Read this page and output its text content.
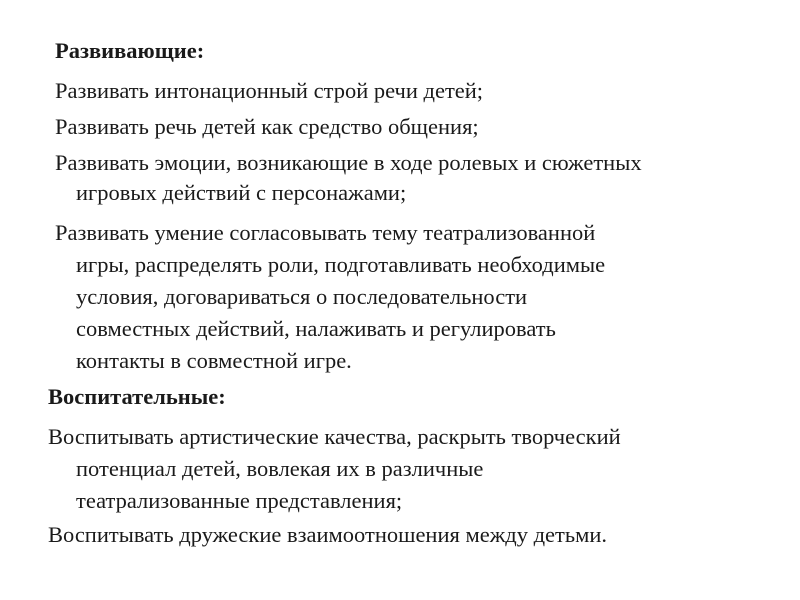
Развивающие:
Развивать интонационный строй речи детей;
Развивать речь детей как средство общения;
Развивать эмоции, возникающие в ходе ролевых и сюжетных
игровых действий с персонажами;
Развивать умение согласовывать тему театрализованной
игры, распределять роли, подготавливать необходимые
условия, договариваться о последовательности
совместных действий, налаживать и регулировать
контакты в совместной игре.
Воспитательные:
Воспитывать артистические качества, раскрыть творческий
потенциал детей, вовлекая их в различные
театрализованные представления;
Воспитывать дружеские взаимоотношения между детьми.
